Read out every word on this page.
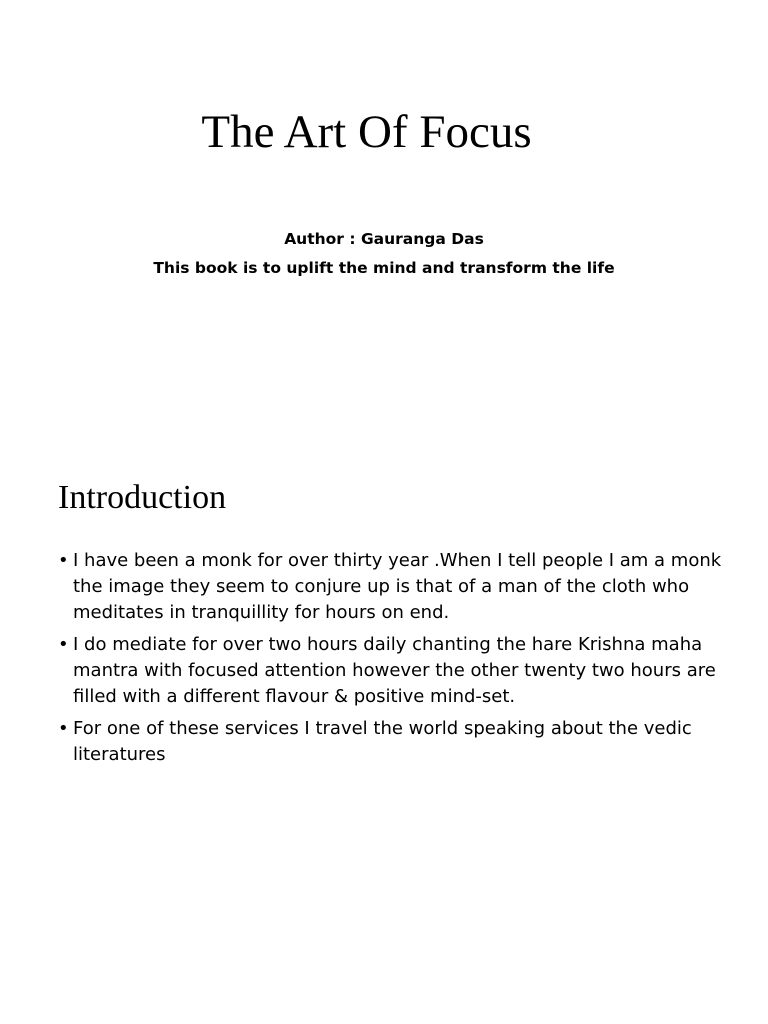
The Art Of Focus

Author : Gauranga Das

This book is to uplift the mind and transform the life

Introduction
• I have been a monk for over thirty year .When I tell people I am a monk the image they seem to conjure up is that of a man of the cloth who meditates in tranquillity for hours on end.
• I do mediate for over two hours daily chanting the hare Krishna maha mantra with focused attention however the other twenty two hours are filled with a different flavour & positive mind-set.
• For one of these services I travel the world speaking about the vedic literatures
